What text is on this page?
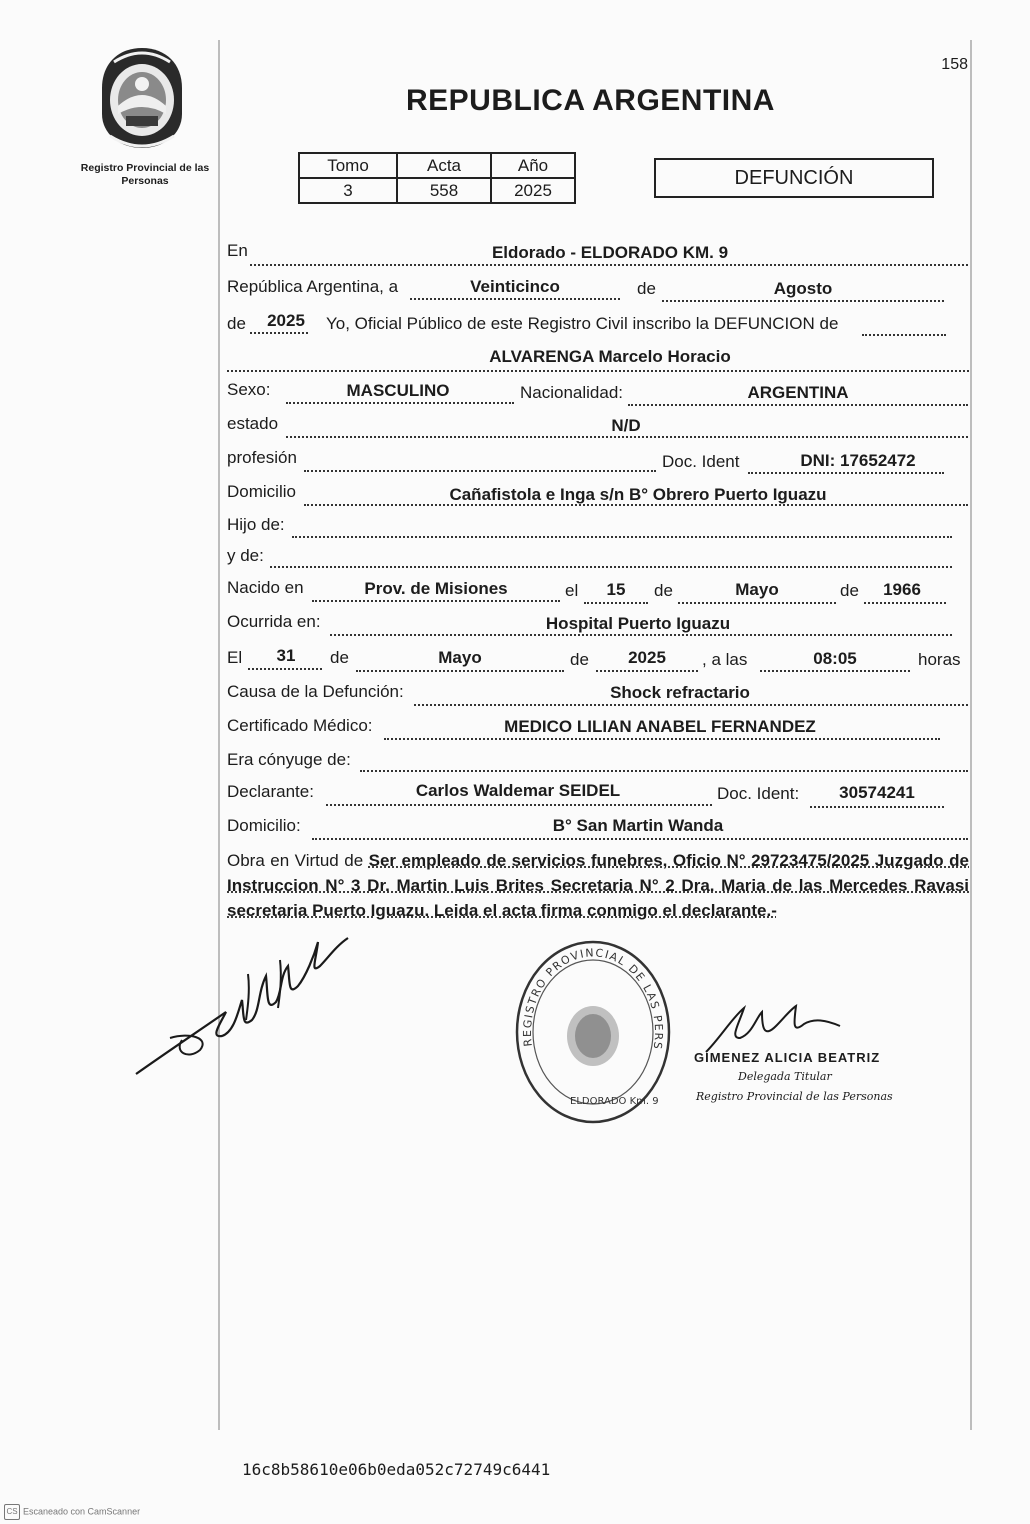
Registro Provincial de las Personas
REPUBLICA ARGENTINA
158
Tomo	Acta	Año
3	558	2025
DEFUNCIÓN
En	Eldorado - ELDORADO KM. 9
República Argentina, a	Veinticinco	de	Agosto
de	2025	Yo, Oficial Público de este Registro Civil inscribo la DEFUNCION de
ALVARENGA Marcelo Horacio
Sexo:	MASCULINO	Nacionalidad:	ARGENTINA
estado	N/D
profesión	Doc. Ident	DNI: 17652472
Domicilio	Cañafistola e Inga s/n B° Obrero Puerto Iguazu
Hijo de:
y de:
Nacido en	Prov. de Misiones	el	15	de	Mayo	de	1966
Ocurrida en:	Hospital Puerto Iguazu
El	31	de	Mayo	de	2025	, a las	08:05	horas
Causa de la Defunción:	Shock refractario
Certificado Médico:	MEDICO LILIAN ANABEL FERNANDEZ
Era cónyuge de:
Declarante:	Carlos Waldemar SEIDEL	Doc. Ident:	30574241
Domicilio:	B° San Martin Wanda
Obra en Virtud de Ser empleado de servicios funebres, Oficio N° 29723475/2025 Juzgado de Instruccion N° 3 Dr. Martin Luis Brites Secretaria N° 2 Dra. Maria de las Mercedes Ravasi secretaria Puerto Iguazu. Leida el acta firma conmigo el declarante.-
REGISTRO PROVINCIAL DE LAS PERS
ELDORADO Km. 9
GIMENEZ ALICIA BEATRIZ
Delegada Titular
Registro Provincial de las Personas
16c8b58610e06b0eda052c72749c6441
CS Escaneado con CamScanner
